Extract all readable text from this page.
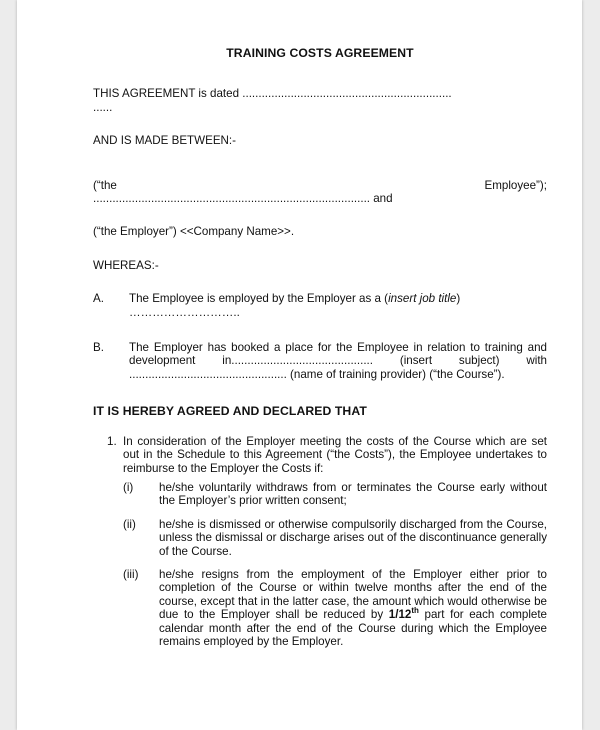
TRAINING COSTS AGREEMENT

THIS AGREEMENT is dated .................................................................

......

AND IS MADE BETWEEN:-

(“the	Employee”);

...................................................................................... and

(“the Employer”) <<Company Name>>.

WHEREAS:-

A.	The Employee is employed by the Employer as a (insert job title)

………………………..

B.	The Employer has booked a place for the Employee in relation to training and development in............................................ (insert subject) with ................................................. (name of training provider) (“the Course”).

IT IS HEREBY AGREED AND DECLARED THAT

1. In consideration of the Employer meeting the costs of the Course which are set out in the Schedule to this Agreement (“the Costs”), the Employee undertakes to reimburse to the Employer the Costs if:

(i)	he/she voluntarily withdraws from or terminates the Course early without the Employer’s prior written consent;

(ii)	he/she is dismissed or otherwise compulsorily discharged from the Course, unless the dismissal or discharge arises out of the discontinuance generally of the Course.

(iii)	he/she resigns from the employment of the Employer either prior to completion of the Course or within twelve months after the end of the course, except that in the latter case, the amount which would otherwise be due to the Employer shall be reduced by 1/12th part for each complete calendar month after the end of the Course during which the Employee remains employed by the Employer.
